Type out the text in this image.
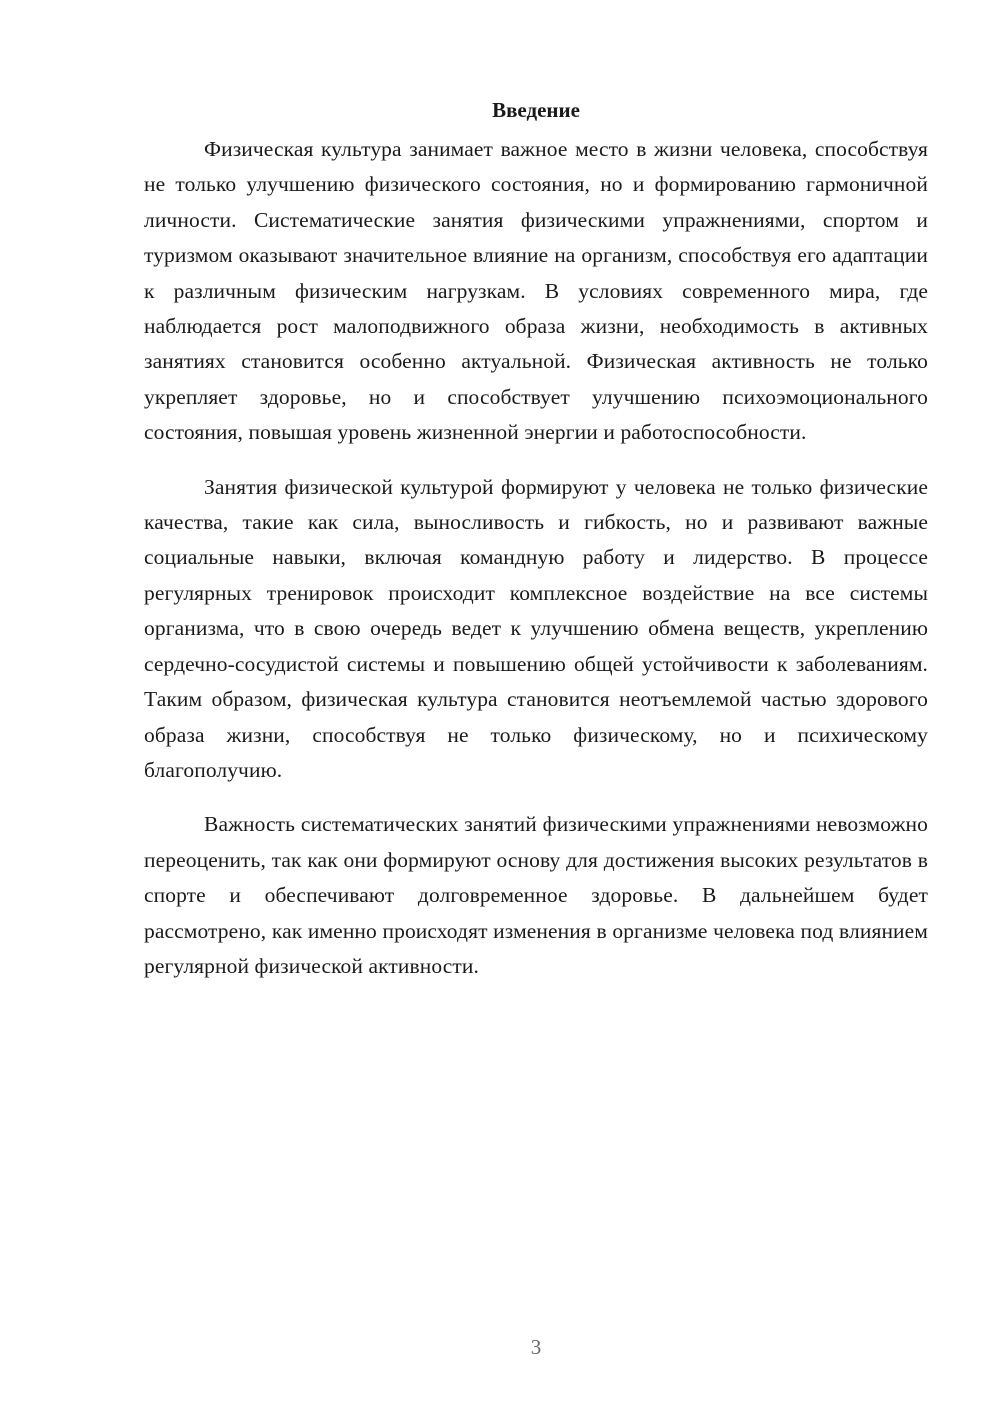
Введение

Физическая культура занимает важное место в жизни человека, способствуя не только улучшению физического состояния, но и формированию гармоничной личности. Систематические занятия физическими упражнениями, спортом и туризмом оказывают значительное влияние на организм, способствуя его адаптации к различным физическим нагрузкам. В условиях современного мира, где наблюдается рост малоподвижного образа жизни, необходимость в активных занятиях становится особенно актуальной. Физическая активность не только укрепляет здоровье, но и способствует улучшению психоэмоционального состояния, повышая уровень жизненной энергии и работоспособности.

Занятия физической культурой формируют у человека не только физические качества, такие как сила, выносливость и гибкость, но и развивают важные социальные навыки, включая командную работу и лидерство. В процессе регулярных тренировок происходит комплексное воздействие на все системы организма, что в свою очередь ведет к улучшению обмена веществ, укреплению сердечно-сосудистой системы и повышению общей устойчивости к заболеваниям. Таким образом, физическая культура становится неотъемлемой частью здорового образа жизни, способствуя не только физическому, но и психическому благополучию.

Важность систематических занятий физическими упражнениями невозможно переоценить, так как они формируют основу для достижения высоких результатов в спорте и обеспечивают долговременное здоровье. В дальнейшем будет рассмотрено, как именно происходят изменения в организме человека под влиянием регулярной физической активности.

3
